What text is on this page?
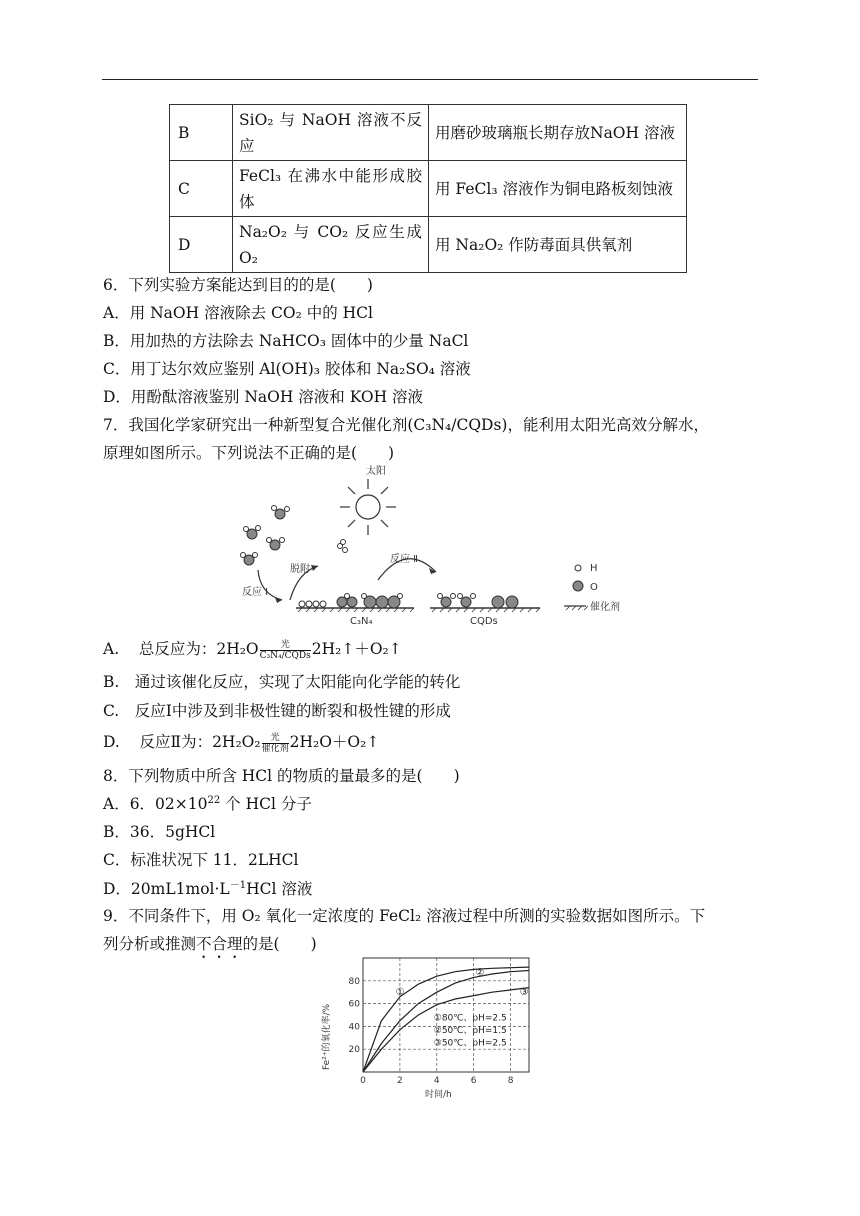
B	SiO₂ 与 NaOH 溶液不反应	用磨砂玻璃瓶长期存放NaOH 溶液
C	FeCl₃ 在沸水中能形成胶体	用 FeCl₃ 溶液作为铜电路板刻蚀液
D	Na₂O₂ 与 CO₂ 反应生成 O₂	用 Na₂O₂ 作防毒面具供氧剂
6．下列实验方案能达到目的的是(　　)
A．用 NaOH 溶液除去 CO₂ 中的 HCl
B．用加热的方法除去 NaHCO₃ 固体中的少量 NaCl
C．用丁达尔效应鉴别 Al(OH)₃ 胶体和 Na₂SO₄ 溶液
D．用酚酞溶液鉴别 NaOH 溶液和 KOH 溶液
7．我国化学家研究出一种新型复合光催化剂(C₃N₄/CQDs)，能利用太阳光高效分解水，
原理如图所示。下列说法不正确的是(　　)
太阳
反应 Ⅰ
脱附
C₃N₄
反应 Ⅱ
CQDs
H
O
催化剂
A. 总反应为：$2H_2O \frac{\text{光}}{\text{C₃N₄/CQDs}}$ 2H₂↑＋O₂↑
B.　通过该催化反应，实现了太阳能向化学能的转化
C.　反应Ⅰ中涉及到非极性键的断裂和极性键的形成
D. 反应Ⅱ为：$2H_2O_2 \frac{\text{光}}{\text{催化剂}}$ 2H₂O＋O₂↑
8．下列物质中所含 HCl 的物质的量最多的是(　　)
A．6．$02\times 10^{22}$ 个 HCl 分子
B．36．5gHCl
C．标准状况下 11．2LHCl
D．$20mL1mol\cdot L^{-1}HCl$ 溶液
9．不同条件下，用 O₂ 氧化一定浓度的 FeCl₂ 溶液过程中所测的实验数据如图所示。下
列分析或推测不合理的是(　　)
①
②
③
0	2	4	6	8
20
40
60
80
Fe²⁺的氧化率/%
时间/h
①80℃、pH=2.5
②50℃、pH=1.5
③50℃、pH=2.5
